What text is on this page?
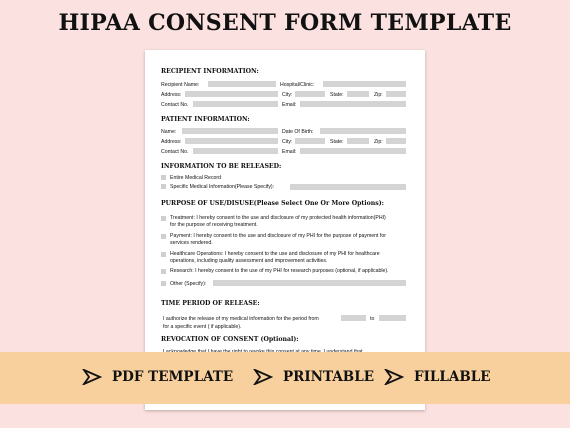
HIPAA CONSENT FORM TEMPLATE
RECIPIENT INFORMATION:
Recipient Name:	Hospital/Clinic:
Address:	City:	State:	Zip:
Contact No.	Email:
PATIENT INFORMATION:
Name:	Date Of Birth:
Address:	City:	State:	Zip:
Contact No.	Email:
INFORMATION TO BE RELEASED:
Entire Medical Record
Specific Medical Information(Please Specify):
PURPOSE OF USE/DISUSE(Please Select One Or More Options):
Treatment: I hereby consent to the use and disclosure of my protected health information(PHI)
for the purpose of receiving treatment.
Payment: I hereby consent to the use and disclosure of my PHI for the purpose of payment for
services rendered.
Healthcare Operations: I hereby consent to the use and disclosure of my PHI for healthcare
operations, including quality assessment and improvement activities.
Research: I hereby consent to the use of my PHI for research purposes (optional, if applicable).
Other (Specify):
TIME PERIOD OF RELEASE:
I authorize the release of my medical information for the period from	to
for a specific event ( if applicable).
REVOCATION OF CONSENT (Optional):
PDF TEMPLATE	PRINTABLE	FILLABLE
